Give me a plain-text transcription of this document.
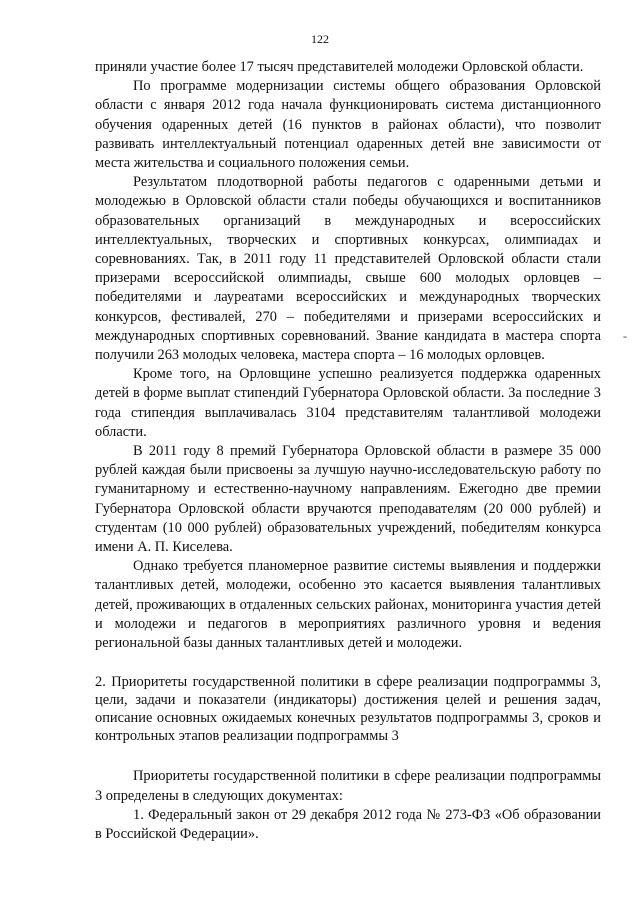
122

приняли участие более 17 тысяч представителей молодежи Орловской области.

По программе модернизации системы общего образования Орловской области с января 2012 года начала функционировать система дистанционного обучения одаренных детей (16 пунктов в районах области), что позволит развивать интеллектуальный потенциал одаренных детей вне зависимости от места жительства и социального положения семьи.

Результатом плодотворной работы педагогов с одаренными детьми и молодежью в Орловской области стали победы обучающихся и воспитанников образовательных организаций в международных и всероссийских интеллектуальных, творческих и спортивных конкурсах, олимпиадах и соревнованиях. Так, в 2011 году 11 представителей Орловской области стали призерами всероссийской олимпиады, свыше 600 молодых орловцев – победителями и лауреатами всероссийских и международных творческих конкурсов, фестивалей, 270 – победителями и призерами всероссийских и международных спортивных соревнований. Звание кандидата в мастера спорта получили 263 молодых человека, мастера спорта – 16 молодых орловцев.

Кроме того, на Орловщине успешно реализуется поддержка одаренных детей в форме выплат стипендий Губернатора Орловской области. За последние 3 года стипендия выплачивалась 3104 представителям талантливой молодежи области.

В 2011 году 8 премий Губернатора Орловской области в размере 35 000 рублей каждая были присвоены за лучшую научно-исследовательскую работу по гуманитарному и естественно-научному направлениям. Ежегодно две премии Губернатора Орловской области вручаются преподавателям (20 000 рублей) и студентам (10 000 рублей) образовательных учреждений, победителям конкурса имени А. П. Киселева.

Однако требуется планомерное развитие системы выявления и поддержки талантливых детей, молодежи, особенно это касается выявления талантливых детей, проживающих в отдаленных сельских районах, мониторинга участия детей и молодежи и педагогов в мероприятиях различного уровня и ведения региональной базы данных талантливых детей и молодежи.

2. Приоритеты государственной политики в сфере реализации подпрограммы 3, цели, задачи и показатели (индикаторы) достижения целей и решения задач, описание основных ожидаемых конечных результатов подпрограммы 3, сроков и контрольных этапов реализации подпрограммы 3

Приоритеты государственной политики в сфере реализации подпрограммы 3 определены в следующих документах:

1. Федеральный закон от 29 декабря 2012 года № 273-ФЗ «Об образовании в Российской Федерации».

-
